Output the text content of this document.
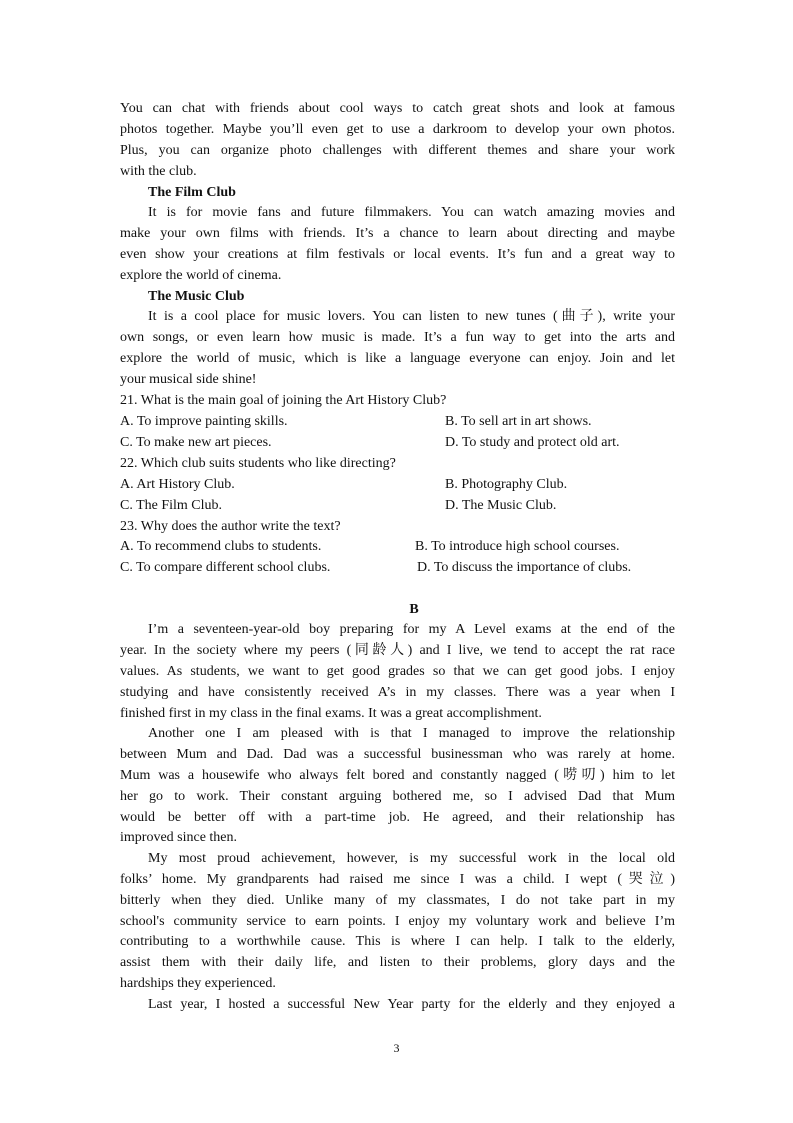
You can chat with friends about cool ways to catch great shots and look at famous
photos together. Maybe you’ll even get to use a darkroom to develop your own photos.
Plus, you can organize photo challenges with different themes and share your work
with the club.
The Film Club
It is for movie fans and future filmmakers. You can watch amazing movies and
make your own films with friends. It’s a chance to learn about directing and maybe
even show your creations at film festivals or local events. It’s fun and a great way to
explore the world of cinema.
The Music Club
It is a cool place for music lovers. You can listen to new tunes (曲子), write your
own songs, or even learn how music is made. It’s a fun way to get into the arts and
explore the world of music, which is like a language everyone can enjoy. Join and let
your musical side shine!
21. What is the main goal of joining the Art History Club?
A. To improve painting skills.	B. To sell art in art shows.
C. To make new art pieces.	D. To study and protect old art.
22. Which club suits students who like directing?
A. Art History Club.	B. Photography Club.
C. The Film Club.	D. The Music Club.
23. Why does the author write the text?
A. To recommend clubs to students.	B. To introduce high school courses.
C. To compare different school clubs.	D. To discuss the importance of clubs.
B
I’m a seventeen-year-old boy preparing for my A Level exams at the end of the
year. In the society where my peers (同龄人) and I live, we tend to accept the rat race
values. As students, we want to get good grades so that we can get good jobs. I enjoy
studying and have consistently received A’s in my classes. There was a year when I
finished first in my class in the final exams. It was a great accomplishment.
Another one I am pleased with is that I managed to improve the relationship
between Mum and Dad. Dad was a successful businessman who was rarely at home.
Mum was a housewife who always felt bored and constantly nagged (唠叨) him to let
her go to work. Their constant arguing bothered me, so I advised Dad that Mum
would be better off with a part-time job. He agreed, and their relationship has
improved since then.
My most proud achievement, however, is my successful work in the local old
folks’ home. My grandparents had raised me since I was a child. I wept (哭泣)
bitterly when they died. Unlike many of my classmates, I do not take part in my
school's community service to earn points. I enjoy my voluntary work and believe I’m
contributing to a worthwhile cause. This is where I can help. I talk to the elderly,
assist them with their daily life, and listen to their problems, glory days and the
hardships they experienced.
Last year, I hosted a successful New Year party for the elderly and they enjoyed a
3
